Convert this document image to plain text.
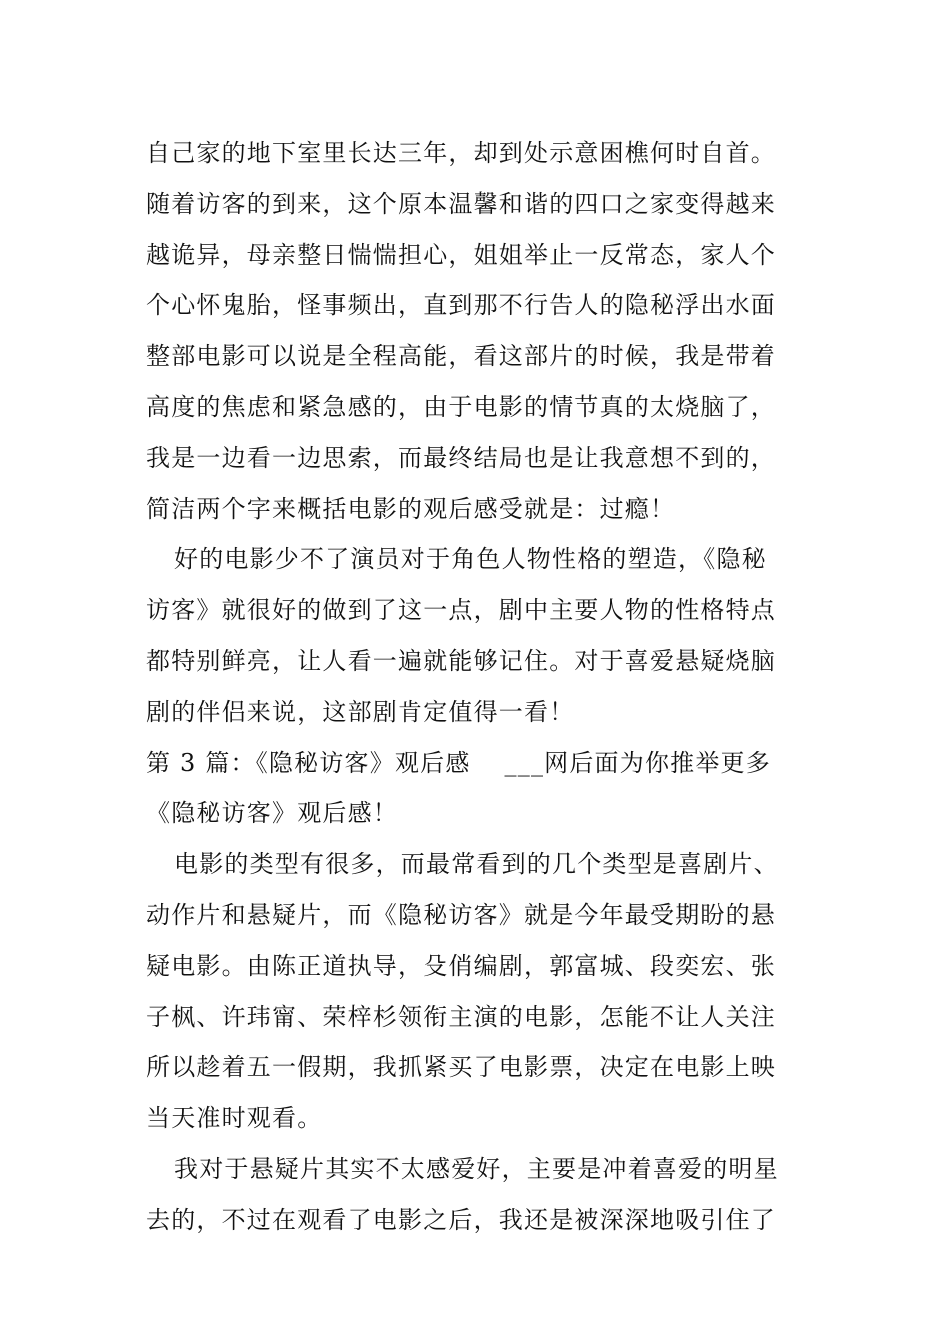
自己家的地下室里长达三年，却到处示意困樵何时自首。
随着访客的到来，这个原本温馨和谐的四口之家变得越来
越诡异，母亲整日惴惴担心，姐姐举止一反常态，家人个
个心怀鬼胎，怪事频出，直到那不行告人的隐秘浮出水面
整部电影可以说是全程高能，看这部片的时候，我是带着
高度的焦虑和紧急感的，由于电影的情节真的太烧脑了，
我是一边看一边思索，而最终结局也是让我意想不到的，
简洁两个字来概括电影的观后感受就是：过瘾！
好的电影少不了演员对于角色人物性格的塑造，《隐秘
访客》就很好的做到了这一点，剧中主要人物的性格特点
都特别鲜亮，让人看一遍就能够记住。对于喜爱悬疑烧脑
剧的伴侣来说，这部剧肯定值得一看！
第 3 篇：《隐秘访客》观后感　 ___网后面为你推举更多
《隐秘访客》观后感！
电影的类型有很多，而最常看到的几个类型是喜剧片、
动作片和悬疑片，而《隐秘访客》就是今年最受期盼的悬
疑电影。由陈正道执导，殳俏编剧，郭富城、段奕宏、张
子枫、许玮甯、荣梓杉领衔主演的电影，怎能不让人关注
所以趁着五一假期，我抓紧买了电影票，决定在电影上映
当天准时观看。
我对于悬疑片其实不太感爱好，主要是冲着喜爱的明星
去的，不过在观看了电影之后，我还是被深深地吸引住了
